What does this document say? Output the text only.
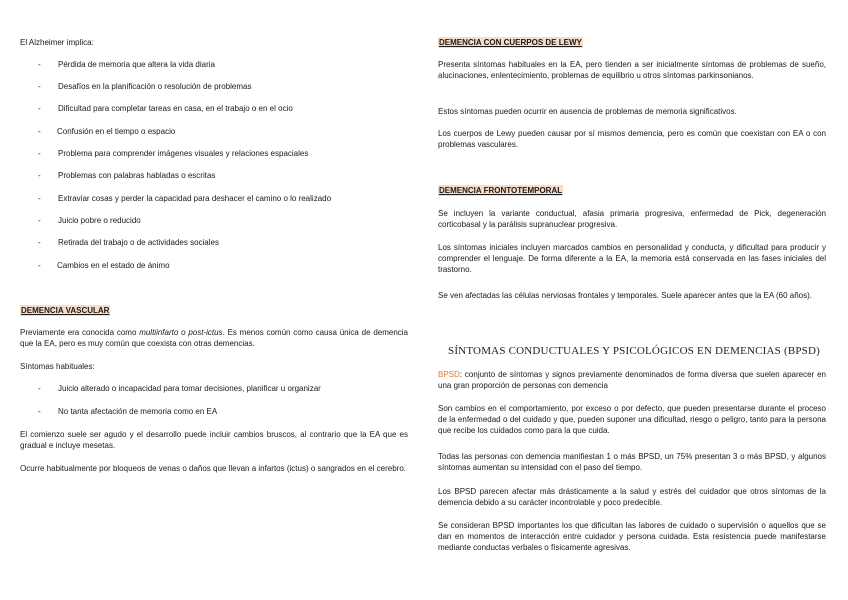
El Alzheimer implica:

- Pérdida de memoria que altera la vida diaria
- Desafíos en la planificación o resolución de problemas
- Dificultad para completar tareas en casa, en el trabajo o en el ocio
- Confusión en el tiempo o espacio
- Problema para comprender imágenes visuales y relaciones espaciales
- Problemas con palabras habladas o escritas
- Extraviar cosas y perder la capacidad para deshacer el camino o lo realizado
- Juicio pobre o reducido
- Retirada del trabajo o de actividades sociales
- Cambios en el estado de ánimo
DEMENCIA VASCULAR

Previamente era conocida como multiinfarto o post-ictus. Es menos común como causa única de demencia que la EA, pero es muy común que coexista con otras demencias.

Síntomas habituales:

- Juicio alterado o incapacidad para tomar decisiones, planificar u organizar
- No tanta afectación de memoria como en EA

El comienzo suele ser agudo y el desarrollo puede incluir cambios bruscos, al contrario que la EA que es gradual e incluye mesetas.

Ocurre habitualmente por bloqueos de venas o daños que llevan a infartos (ictus) o sangrados en el cerebro.

DEMENCIA CON CUERPOS DE LEWY

Presenta síntomas habituales en la EA, pero tienden a ser inicialmente síntomas de problemas de sueño, alucinaciones, enlentecimiento, problemas de equilibrio u otros síntomas parkinsonianos.

Estos síntomas pueden ocurrir en ausencia de problemas de memoria significativos.

Los cuerpos de Lewy pueden causar por sí mismos demencia, pero es común que coexistan con EA o con problemas vasculares.

DEMENCIA FRONTOTEMPORAL

Se incluyen la variante conductual, afasia primaria progresiva, enfermedad de Pick, degeneración corticobasal y la parálisis supranuclear progresiva.

Los síntomas iniciales incluyen marcados cambios en personalidad y conducta, y dificultad para producir y comprender el lenguaje. De forma diferente a la EA, la memoria está conservada en las fases iniciales del trastorno.

Se ven afectadas las células nerviosas frontales y temporales. Suele aparecer antes que la EA (60 años).

SÍNTOMAS CONDUCTUALES Y PSICOLÓGICOS EN DEMENCIAS (BPSD)

BPSD: conjunto de síntomas y signos previamente denominados de forma diversa que suelen aparecer en una gran proporción de personas con demencia

Son cambios en el comportamiento, por exceso o por defecto, que pueden presentarse durante el proceso de la enfermedad o del cuidado y que, pueden suponer una dificultad, riesgo o peligro, tanto para la persona que recibe los cuidados como para la que cuida.

Todas las personas con demencia manifiestan 1 o más BPSD, un 75% presentan 3 o más BPSD, y algunos síntomas aumentan su intensidad con el paso del tiempo.

Los BPSD parecen afectar más drásticamente a la salud y estrés del cuidador que otros síntomas de la demencia debido a su carácter incontrolable y poco predecible.

Se consideran BPSD importantes los que dificultan las labores de cuidado o supervisión o aquellos que se dan en momentos de interacción entre cuidador y persona cuidada. Esta resistencia puede manifestarse mediante conductas verbales o físicamente agresivas.
